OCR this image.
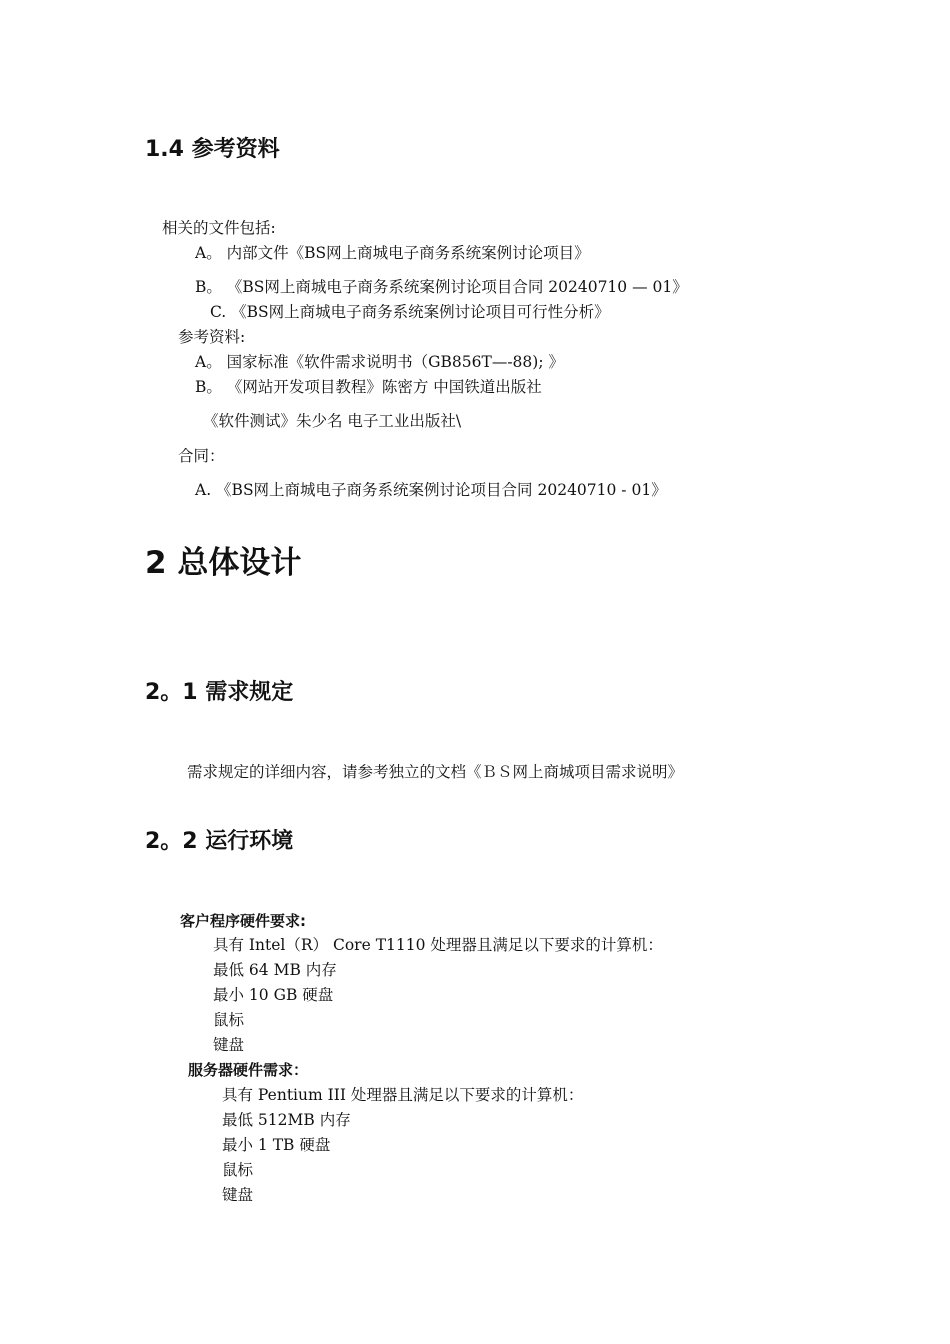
1.4 参考资料
相关的文件包括:
A。 内部文件《BS网上商城电子商务系统案例讨论项目》
B。 《BS网上商城电子商务系统案例讨论项目合同 20240710 — 01》
C. 《BS网上商城电子商务系统案例讨论项目可行性分析》
参考资料:
A。 国家标准《软件需求说明书（GB856T—-88); 》
B。 《网站开发项目教程》陈密方 中国铁道出版社
《软件测试》朱少名 电子工业出版社\
合同：
A. 《BS网上商城电子商务系统案例讨论项目合同 20240710 - 01》
2 总体设计
2。1 需求规定
需求规定的详细内容，请参考独立的文档《ＢＳ网上商城项目需求说明》
2。2 运行环境
客户程序硬件要求:
具有 Intel（R） Core T1110 处理器且满足以下要求的计算机：
最低 64 MB 内存
最小 10 GB 硬盘
鼠标
键盘
服务器硬件需求：
具有 Pentium III 处理器且满足以下要求的计算机：
最低 512MB 内存
最小 1 TB 硬盘
鼠标
键盘
